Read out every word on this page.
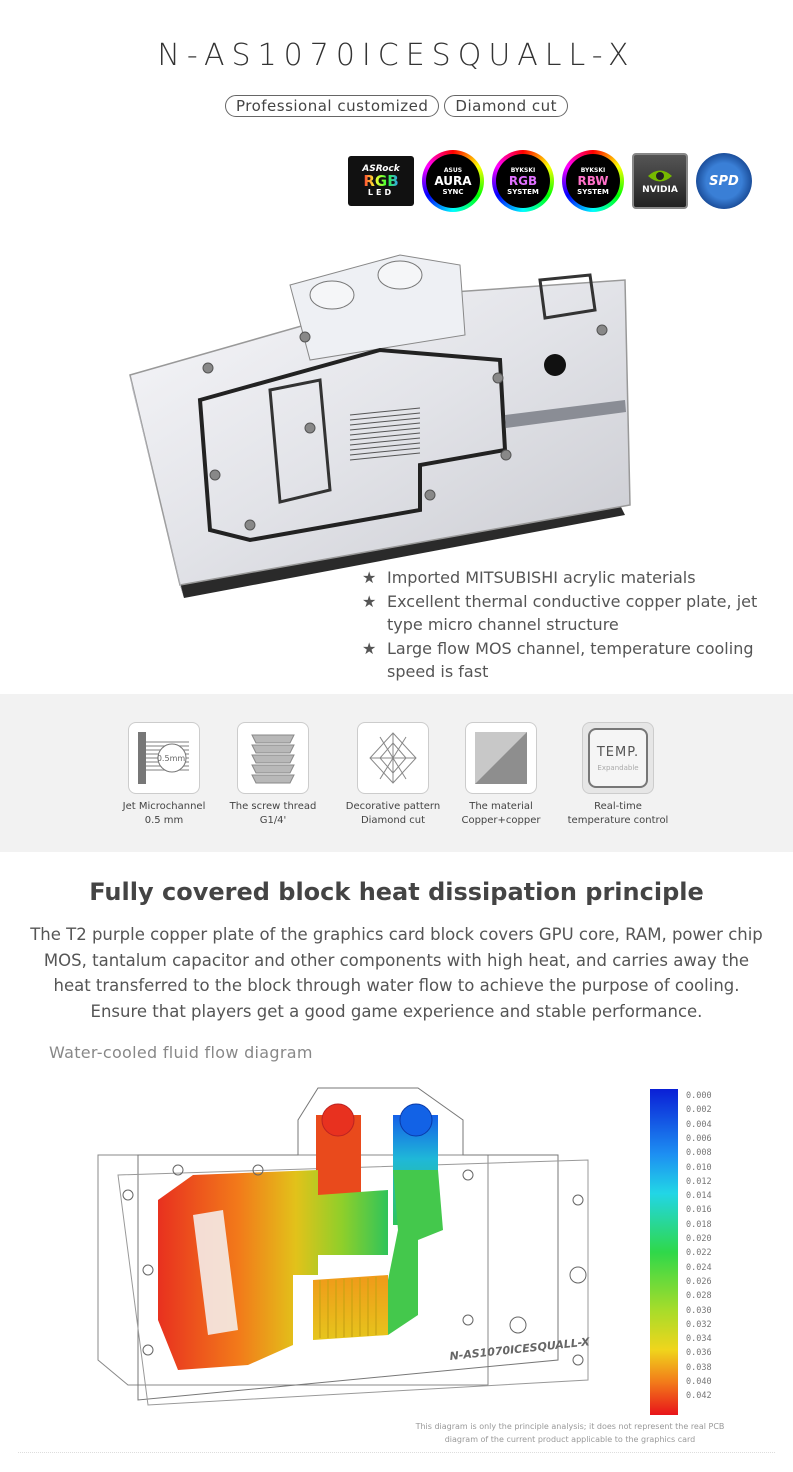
N-AS1070ICESQUALL-X
Professional customized	Diamond cut
ASRock
RGB
LED
ASUS
AURA
SYNC
BYKSKI
RGB
SYSTEM
BYKSKI
RBW
SYSTEM	NVIDIA
SPD
★ Imported MITSUBISHI acrylic materials
★ Excellent thermal conductive copper plate, jet type micro channel structure
★ Large flow MOS channel, temperature cooling speed is fast
0.5mm
Jet Microchannel
0.5 mm
The screw thread
G1/4'
Decorative pattern
Diamond cut
The material
Copper+copper
TEMP.
Expandable
Real-time
temperature control
Fully covered block heat dissipation principle
The T2 purple copper plate of the graphics card block covers GPU core, RAM, power chip MOS, tantalum capacitor and other components with high heat, and carries away the heat transferred to the block through water flow to achieve the purpose of cooling. Ensure that players get a good game experience and stable performance.
Water-cooled fluid flow diagram
N-AS1070ICESQUALL-X
0.000
0.002
0.004
0.006
0.008
0.010
0.012
0.014
0.016
0.018
0.020
0.022
0.024
0.026
0.028
0.030
0.032
0.034
0.036
0.038
0.040
0.042
This diagram is only the principle analysis; it does not represent the real PCB
diagram of the current product applicable to the graphics card
